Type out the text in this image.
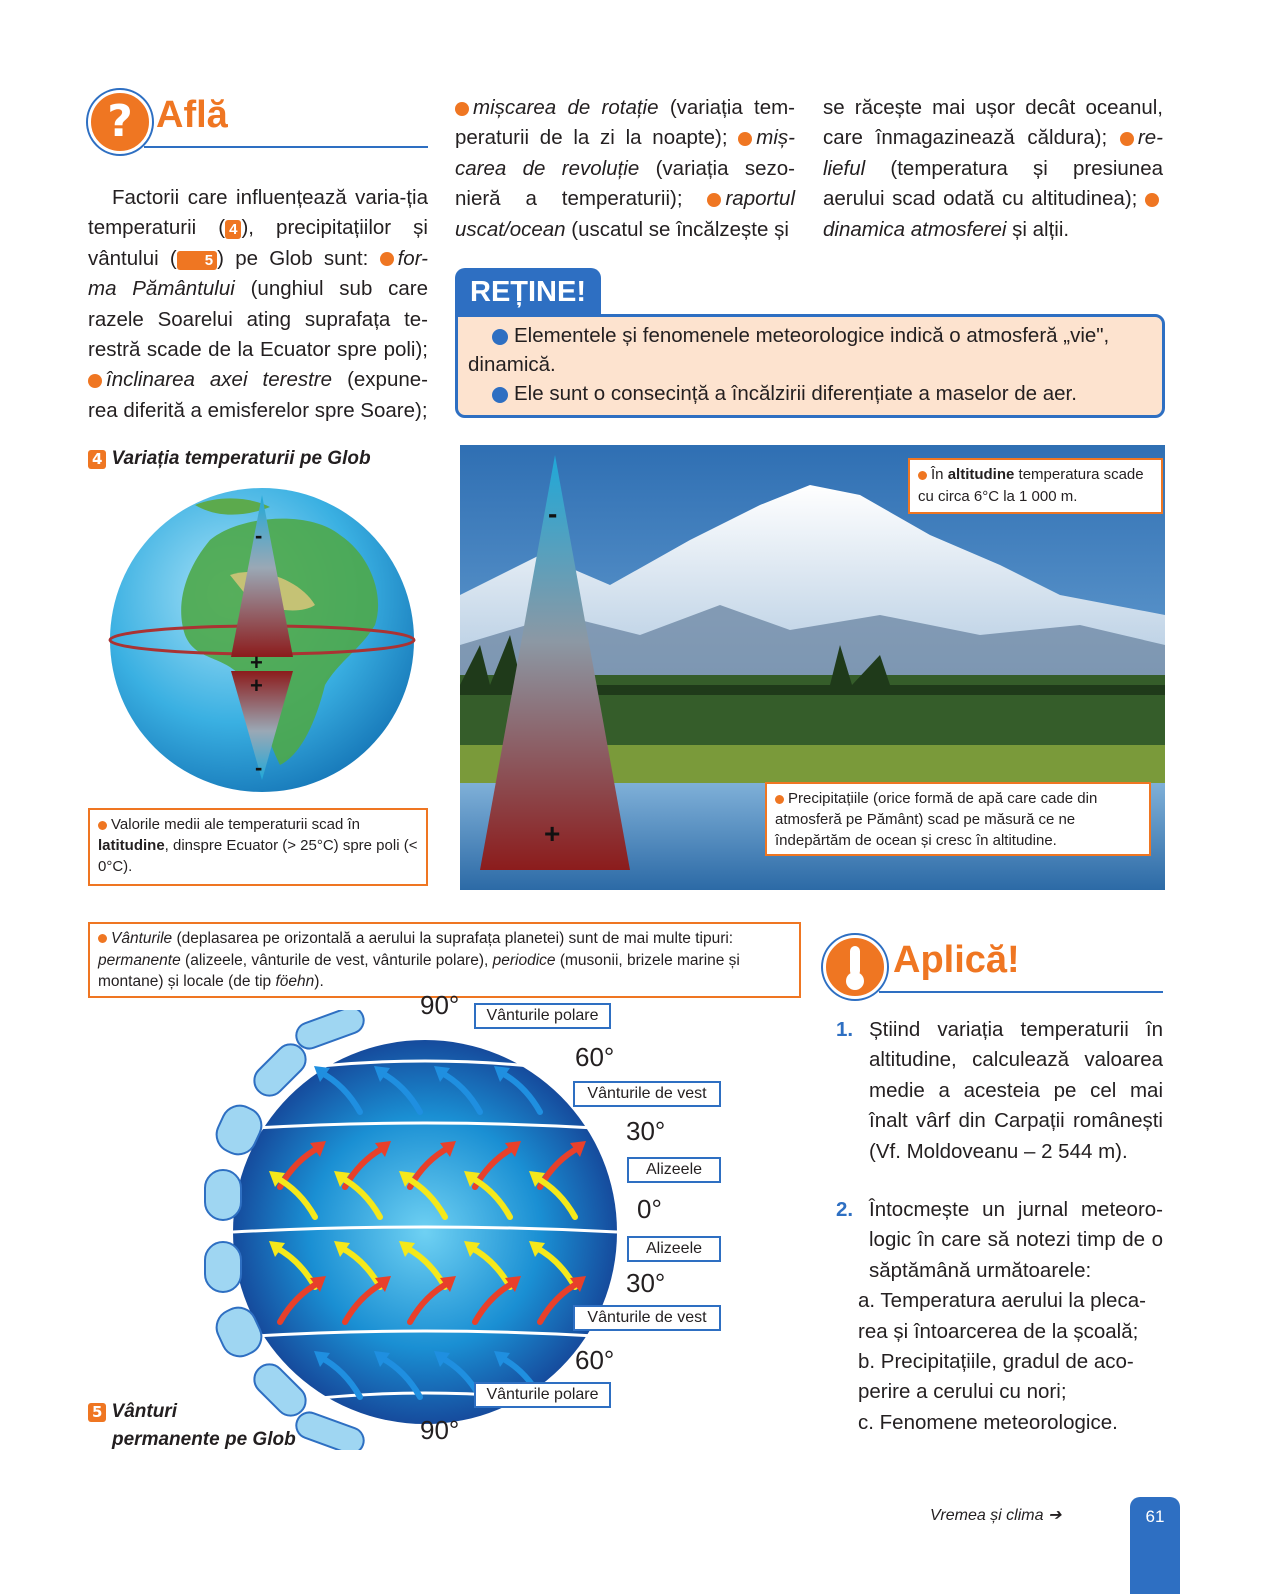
? Află
Factorii care influențează varia-ția temperaturii ( 4 ), precipitațiilor și vântului ( 5 ) pe Glob sunt: for-ma Pământului (unghiul sub care razele Soarelui ating suprafața te-restră scade de la Ecuator spre poli); înclinarea axei terestre (expune-rea diferită a emisferelor spre Soare);
mișcarea de rotație (variația tem-peraturii de la zi la noapte); miș-carea de revoluție (variația sezo-nieră a temperaturii); raportul uscat/ocean (uscatul se încălzește și
se răcește mai ușor decât oceanul, care înmagazinează căldura); re-lieful (temperatura și presiunea aerului scad odată cu altitudinea); dinamica atmosferei și alții.
REȚINE!
Elementele și fenomenele meteorologice indică o atmosferă „vie", dinamică.
Ele sunt o consecință a încălzirii diferențiate a maselor de aer.
4 Variația temperaturii pe Glob
-
+
+
-
Valorile medii ale temperaturii scad în latitudine, dinspre Ecuator (> 25°C) spre poli (< 0°C).
-
+
În altitudine temperatura scade cu circa 6°C la 1 000 m.
Precipitațiile (orice formă de apă care cade din atmosferă pe Pământ) scad pe măsură ce ne îndepărtăm de ocean și cresc în altitudine.
Vânturile (deplasarea pe orizontală a aerului la suprafața planetei) sunt de mai multe tipuri: permanente (alizeele, vânturile de vest, vânturile polare), periodice (musonii, brizele marine și montane) și locale (de tip föehn).
90°
60°
30°
0°
30°
60°
90°
Vânturile polare
Vânturile de vest
Alizeele
Alizeele
Vânturile de vest
Vânturile polare
5 Vânturi
permanente pe Glob
Aplică!
1. Știind variația temperaturii în altitudine, calculează valoarea medie a acesteia pe cel mai înalt vârf din Carpații românești (Vf. Moldoveanu – 2 544 m).
2. Întocmește un jurnal meteoro-logic în care să notezi timp de o săptămână următoarele:
a. Temperatura aerului la pleca-rea și întoarcerea de la școală;
b. Precipitațiile, gradul de aco-perire a cerului cu nori;
c. Fenomene meteorologice.
Vremea și clima ➔	61
